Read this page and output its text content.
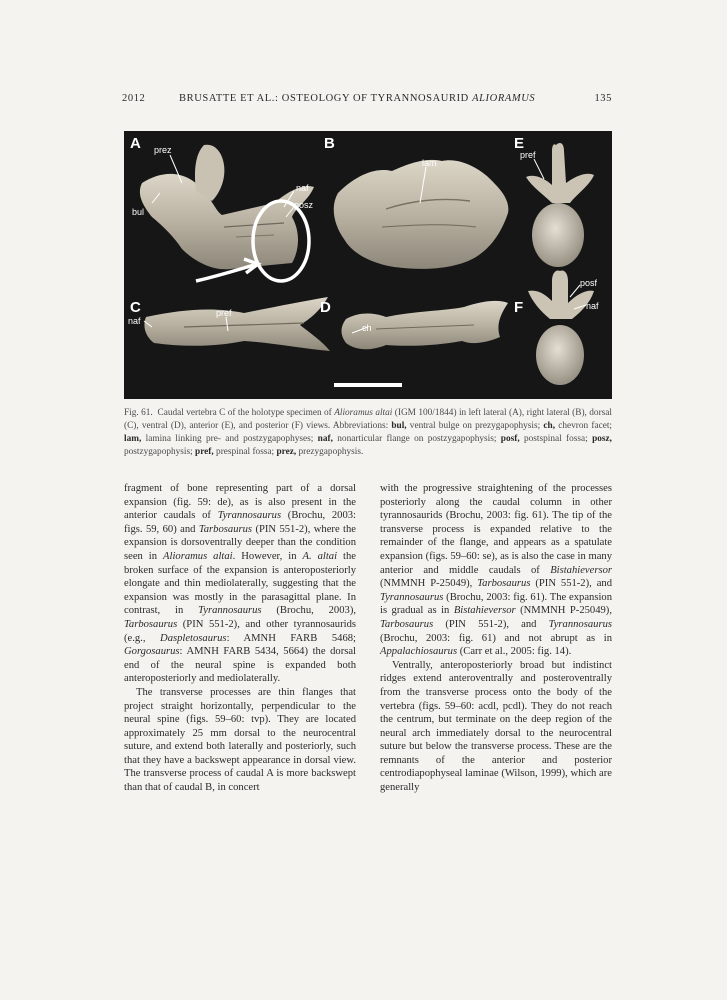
2012	BRUSATTE ET AL.: OSTEOLOGY OF TYRANNOSAURID ALIORAMUS	135
A	B	E
C	D	F
prez
bul
naf
posz
lam
pref
naf
pref
ch
posf
naf
Fig. 61. Caudal vertebra C of the holotype specimen of Alioramus altai (IGM 100/1844) in left lateral (A), right lateral (B), dorsal (C), ventral (D), anterior (E), and posterior (F) views. Abbreviations: bul, ventral bulge on prezygapophysis; ch, chevron facet; lam, lamina linking pre- and postzygapophyses; naf, nonarticular flange on postzygapophysis; posf, postspinal fossa; posz, postzygapophysis; pref, prespinal fossa; prez, prezygapophysis.

fragment of bone representing part of a dorsal expansion (fig. 59: de), as is also present in the anterior caudals of Tyrannosaurus (Brochu, 2003: figs. 59, 60) and Tarbosaurus (PIN 551-2), where the expansion is dorsoventrally deeper than the condition seen in Alioramus altai. However, in A. altai the broken surface of the expansion is anteroposteriorly elongate and thin mediolaterally, suggesting that the expansion was mostly in the parasagittal plane. In contrast, in Tyrannosaurus (Brochu, 2003), Tarbosaurus (PIN 551-2), and other tyrannosaurids (e.g., Daspletosaurus: AMNH FARB 5468; Gorgosaurus: AMNH FARB 5434, 5664) the dorsal end of the neural spine is expanded both anteroposteriorly and mediolaterally.

The transverse processes are thin flanges that project straight horizontally, perpendicular to the neural spine (figs. 59–60: tvp). They are located approximately 25 mm dorsal to the neurocentral suture, and extend both laterally and posteriorly, such that they have a backswept appearance in dorsal view. The transverse process of caudal A is more backswept than that of caudal B, in concert

with the progressive straightening of the processes posteriorly along the caudal column in other tyrannosaurids (Brochu, 2003: fig. 61). The tip of the transverse process is expanded relative to the remainder of the flange, and appears as a spatulate expansion (figs. 59–60: se), as is also the case in many anterior and middle caudals of Bistahieversor (NMMNH P-25049), Tarbosaurus (PIN 551-2), and Tyrannosaurus (Brochu, 2003: fig. 61). The expansion is gradual as in Bistahieversor (NMMNH P-25049), Tarbosaurus (PIN 551-2), and Tyrannosaurus (Brochu, 2003: fig. 61) and not abrupt as in Appalachiosaurus (Carr et al., 2005: fig. 14).

Ventrally, anteroposteriorly broad but indistinct ridges extend anteroventrally and posteroventrally from the transverse process onto the body of the vertebra (figs. 59–60: acdl, pcdl). They do not reach the centrum, but terminate on the deep region of the neural arch immediately dorsal to the neurocentral suture but below the transverse process. These are the remnants of the anterior and posterior centrodiapophyseal laminae (Wilson, 1999), which are generally
